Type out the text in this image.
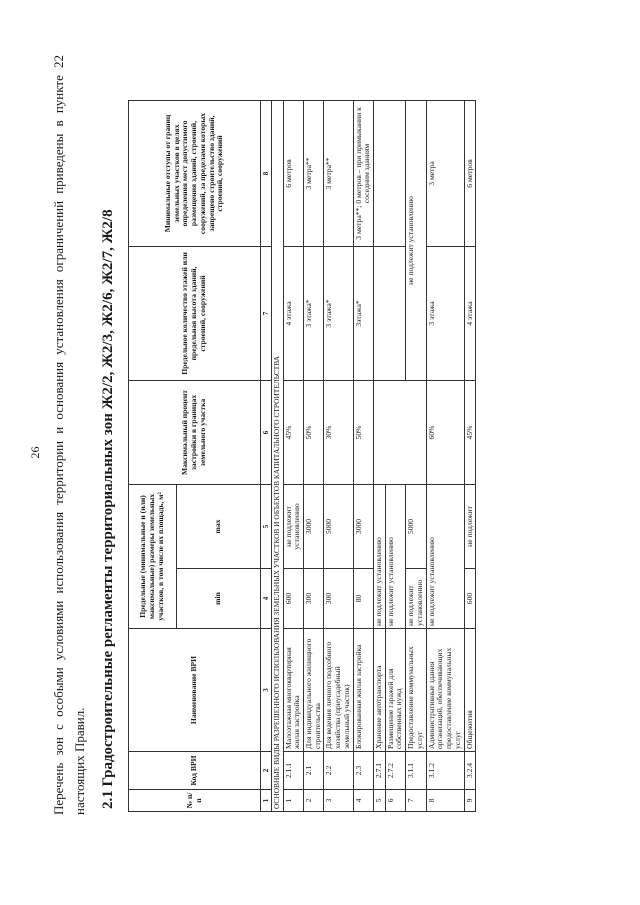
26 Перечень зон с особыми условиями использования территории и основания установления ограничений приведены в пункте 22 настоящих Правил. 2.1 Градостроительные регламенты территориальных зон Ж2/2, Ж2/3, Ж2/6, Ж2/7, Ж2/8	№ п/п	Код ВРИ	Наименование ВРИ	Предельные (минимальные и (или) максимальные) размеры земельных участков, в том числе их площадь, м²		Максимальный процент застройки в границах земельного участка	Предельное количество этажей или предельная высота зданий, строений, сооружений	Минимальные отступы от границ земельных участков в целях определения мест допустимого размещения зданий, строений, сооружений, за пределами которых запрещено строительство зданий, строений, сооружений
			min	max			
1	2	3	4	5	6	7	8
ОСНОВНЫЕ ВИДЫ РАЗРЕШЕННОГО ИСПОЛЬЗОВАНИЯ ЗЕМЕЛЬНЫХ УЧАСТКОВ И ОБЪЕКТОВ КАПИТАЛЬНОГО СТРОИТЕЛЬСТВА							
1	2.1.1	Малоэтажная многоквартирная жилая застройка	600	не подлежит установлению	45%	4 этажа	6 метров
2	2.1	Для индивидуального жилищного строительства	300	3000	50%	3 этажа*	3 метра**
3	2.2	Для ведения личного подсобного хозяйства (приусадебный земельный участок)	300	5000	30%	3 этажа*	3 метра**
4	2.3	Блокированная жилая застройка	80	3000	50%	3этажа*	3 метра**; 0 метров – при примыкании к соседним зданиям
5	2.7.1	Хранение автотранспорта	не подлежит установлению				
6	2.7.2	Размещение гаражей для собственных нужд	не подлежит установлению				
7	3.1.1	Предоставление коммунальных услуг	не подлежит установлению	5000		не подлежит установлению	
8	3.1.2	Административные здания организаций, обеспечивающих предоставление коммунальных услуг	не подлежит установлению		60%	3 этажа	3 метра
9	3.2.4	Общежития	600	не подлежит	45%	4 этажа	6 метров
